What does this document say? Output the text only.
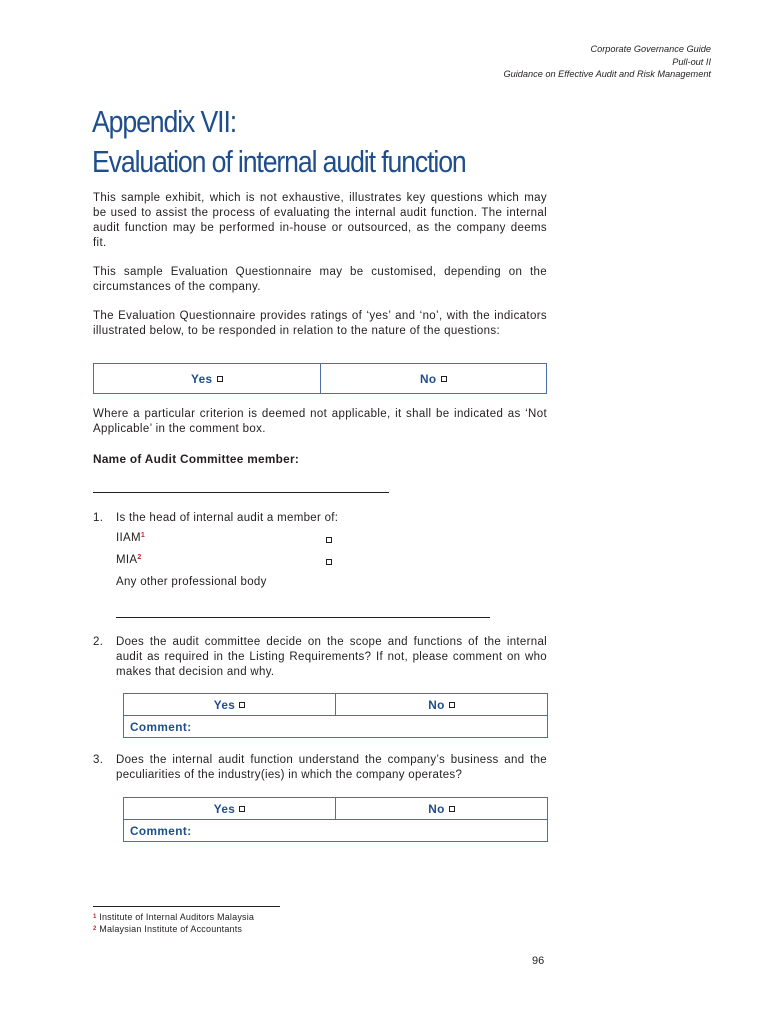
Corporate Governance Guide
Pull-out II
Guidance on Effective Audit and Risk Management
Appendix VII:
Evaluation of internal audit function

This sample exhibit, which is not exhaustive, illustrates key questions which may be used to assist the process of evaluating the internal audit function. The internal audit function may be performed in-house or outsourced, as the company deems fit.

This sample Evaluation Questionnaire may be customised, depending on the circumstances of the company.

The Evaluation Questionnaire provides ratings of ‘yes’ and ‘no’, with the indicators illustrated below, to be responded in relation to the nature of the questions:

Yes	No

Where a particular criterion is deemed not applicable, it shall be indicated as ‘Not Applicable’ in the comment box.

Name of Audit Committee member:
1. Is the head of internal audit a member of:
IIAM$^1$
MIA$^2$
Any other professional body
2. Does the audit committee decide on the scope and functions of the internal audit as required in the Listing Requirements? If not, please comment on who makes that decision and why.
Yes	No
Comment:
3. Does the internal audit function understand the company’s business and the peculiarities of the industry(ies) in which the company operates?
Yes	No
Comment:
$^1$ Institute of Internal Auditors Malaysia
$^2$ Malaysian Institute of Accountants
96
